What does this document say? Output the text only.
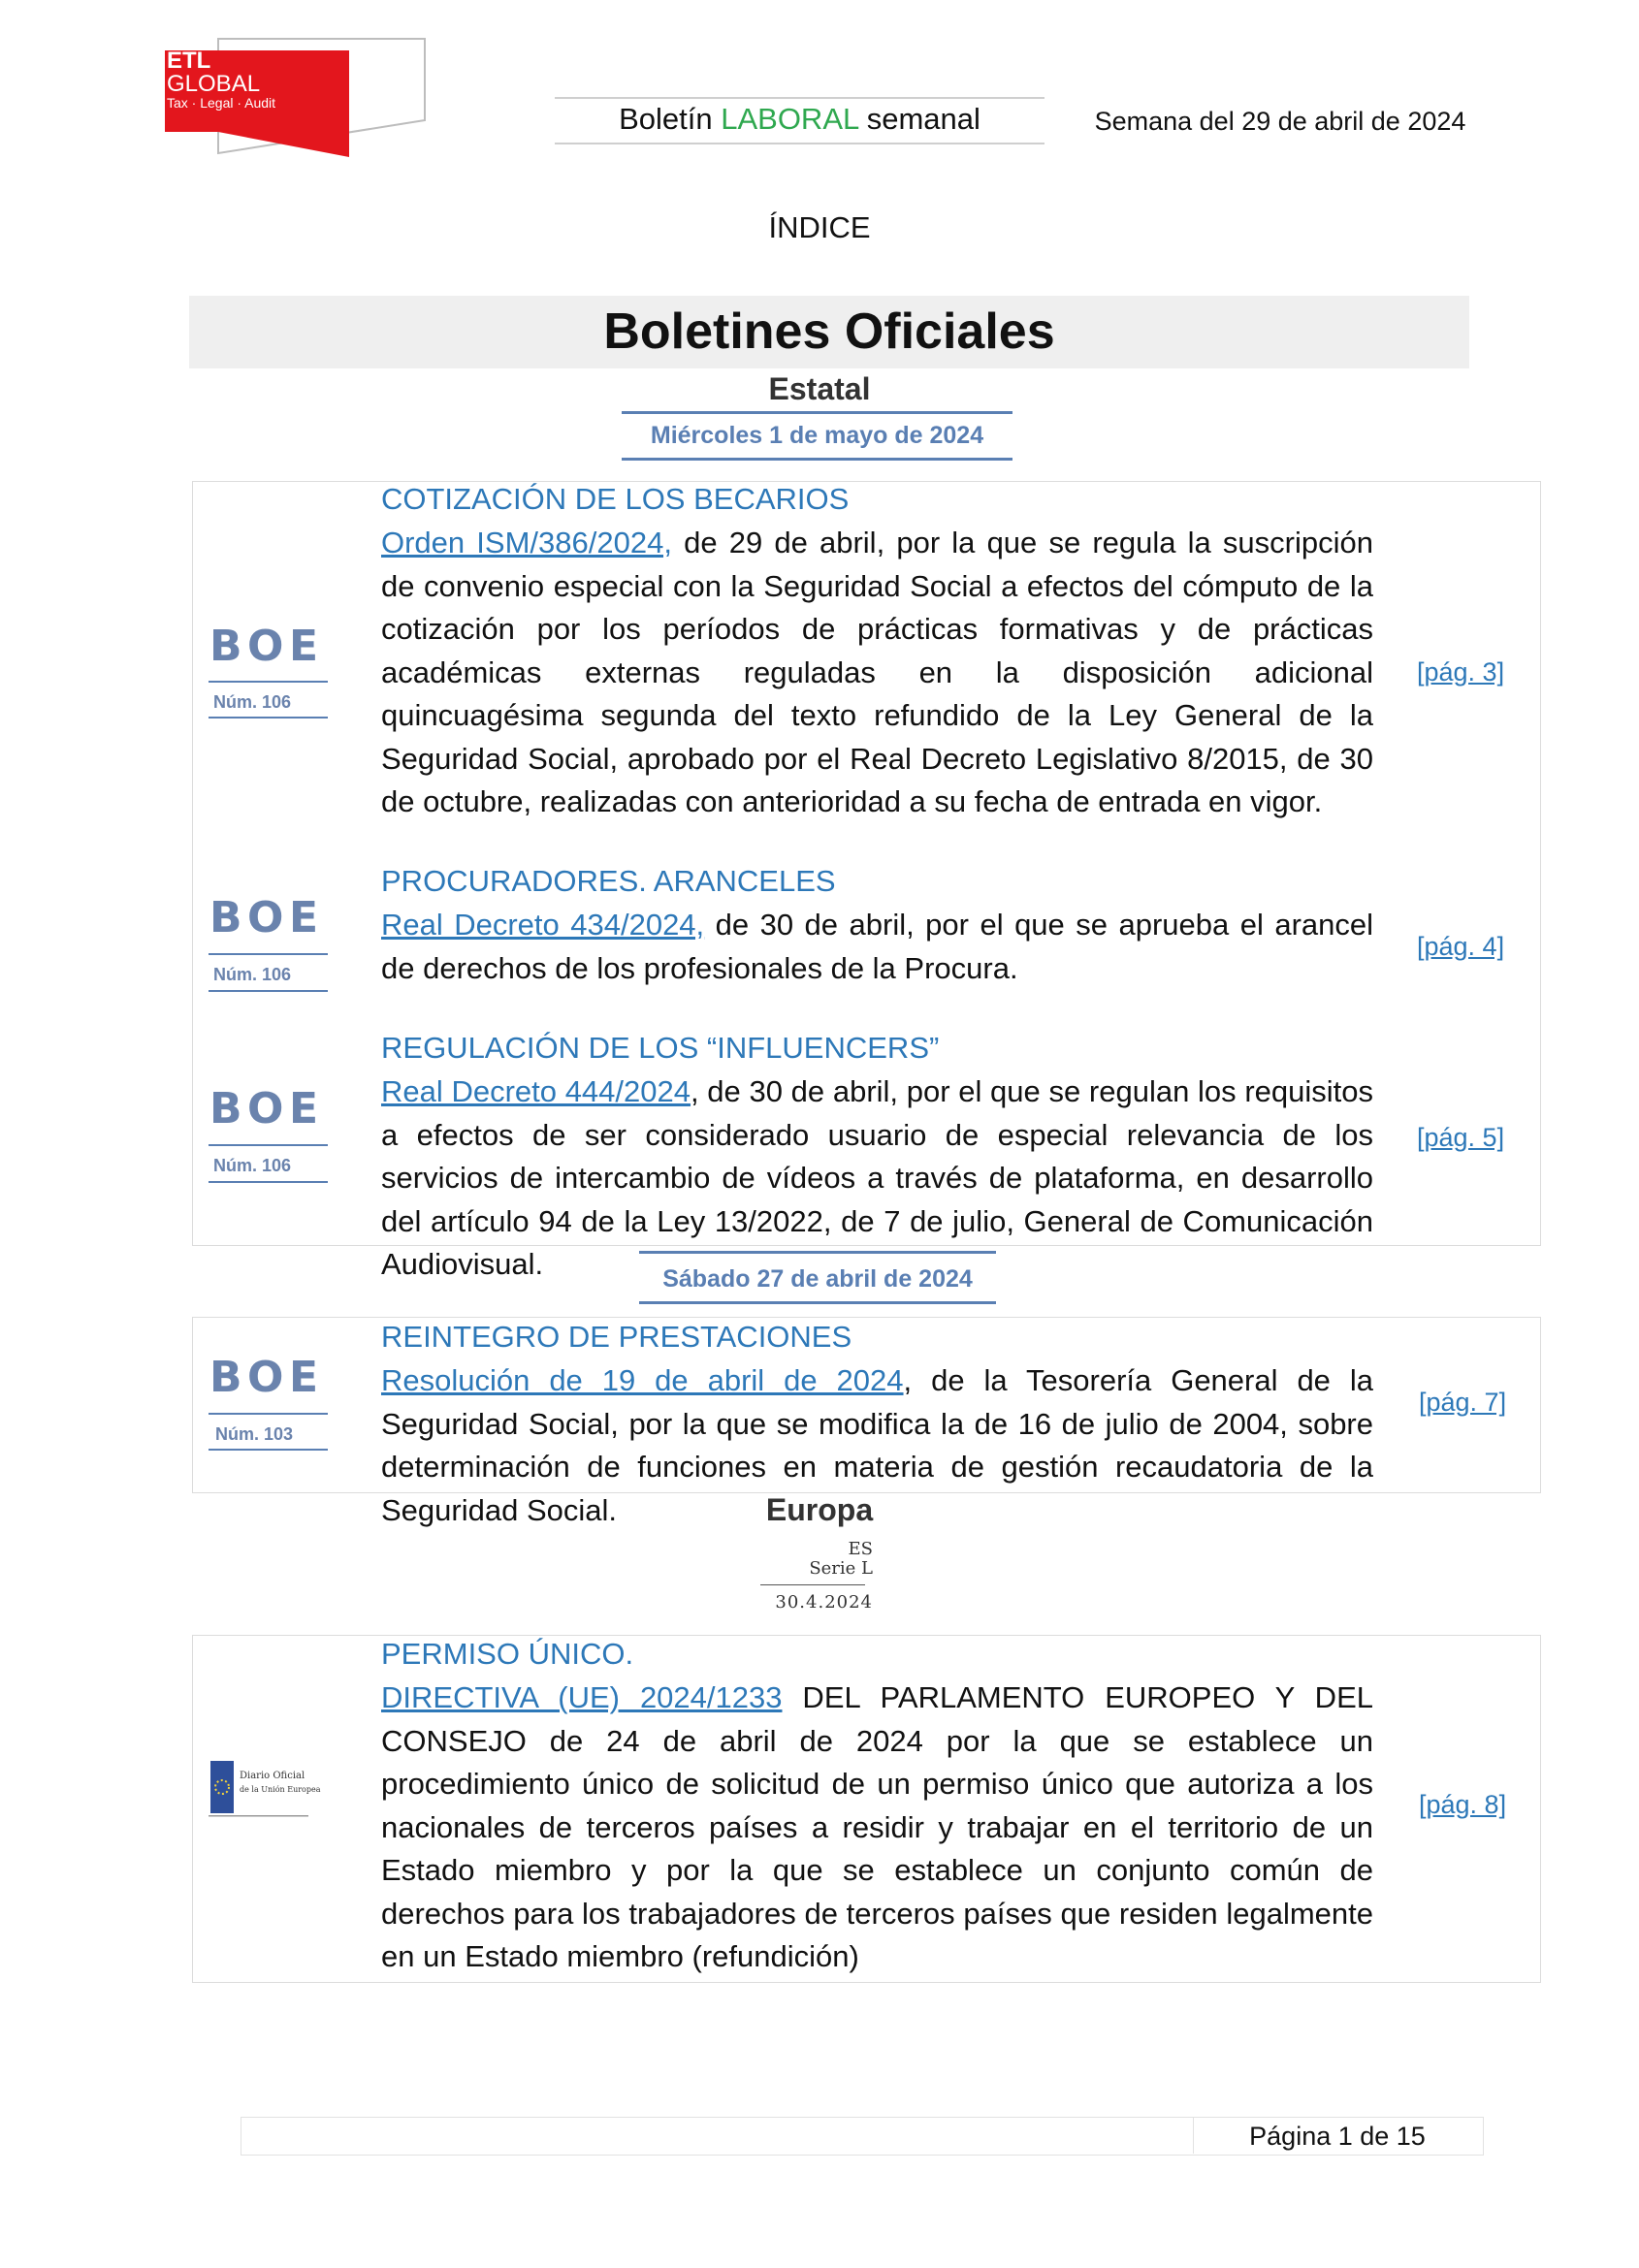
ETL
GLOBAL
Tax · Legal · Audit	Boletín LABORAL semanal	Semana del 29 de abril de 2024
ÍNDICE
Boletines Oficiales
Estatal
Miércoles 1 de mayo de 2024
BOE
Núm. 106
COTIZACIÓN DE LOS BECARIOS
Orden ISM/386/2024, de 29 de abril, por la que se regula la suscripción de convenio especial con la Seguridad Social a efectos del cómputo de la cotización por los períodos de prácticas formativas y de prácticas académicas externas reguladas en la disposición adicional quincuagésima segunda del texto refundido de la Ley General de la Seguridad Social, aprobado por el Real Decreto Legislativo 8/2015, de 30 de octubre, realizadas con anterioridad a su fecha de entrada en vigor.
[pág. 3]
BOE
Núm. 106
PROCURADORES. ARANCELES
Real Decreto 434/2024, de 30 de abril, por el que se aprueba el arancel de derechos de los profesionales de la Procura.
[pág. 4]
BOE
Núm. 106
REGULACIÓN DE LOS “INFLUENCERS”
Real Decreto 444/2024, de 30 de abril, por el que se regulan los requisitos a efectos de ser considerado usuario de especial relevancia de los servicios de intercambio de vídeos a través de plataforma, en desarrollo del artículo 94 de la Ley 13/2022, de 7 de julio, General de Comunicación Audiovisual.
[pág. 5]
Sábado 27 de abril de 2024
BOE
Núm. 103
REINTEGRO DE PRESTACIONES
Resolución de 19 de abril de 2024, de la Tesorería General de la Seguridad Social, por la que se modifica la de 16 de julio de 2004, sobre determinación de funciones en materia de gestión recaudatoria de la Seguridad Social.
[pág. 7]
Europa
ES
Serie L
30.4.2024
Diario Oficial
de la Unión Europea
PERMISO ÚNICO.
DIRECTIVA (UE) 2024/1233 DEL PARLAMENTO EUROPEO Y DEL CONSEJO de 24 de abril de 2024 por la que se establece un procedimiento único de solicitud de un permiso único que autoriza a los nacionales de terceros países a residir y trabajar en el territorio de un Estado miembro y por la que se establece un conjunto común de derechos para los trabajadores de terceros países que residen legalmente en un Estado miembro (refundición)
[pág. 8]
Página 1 de 15
